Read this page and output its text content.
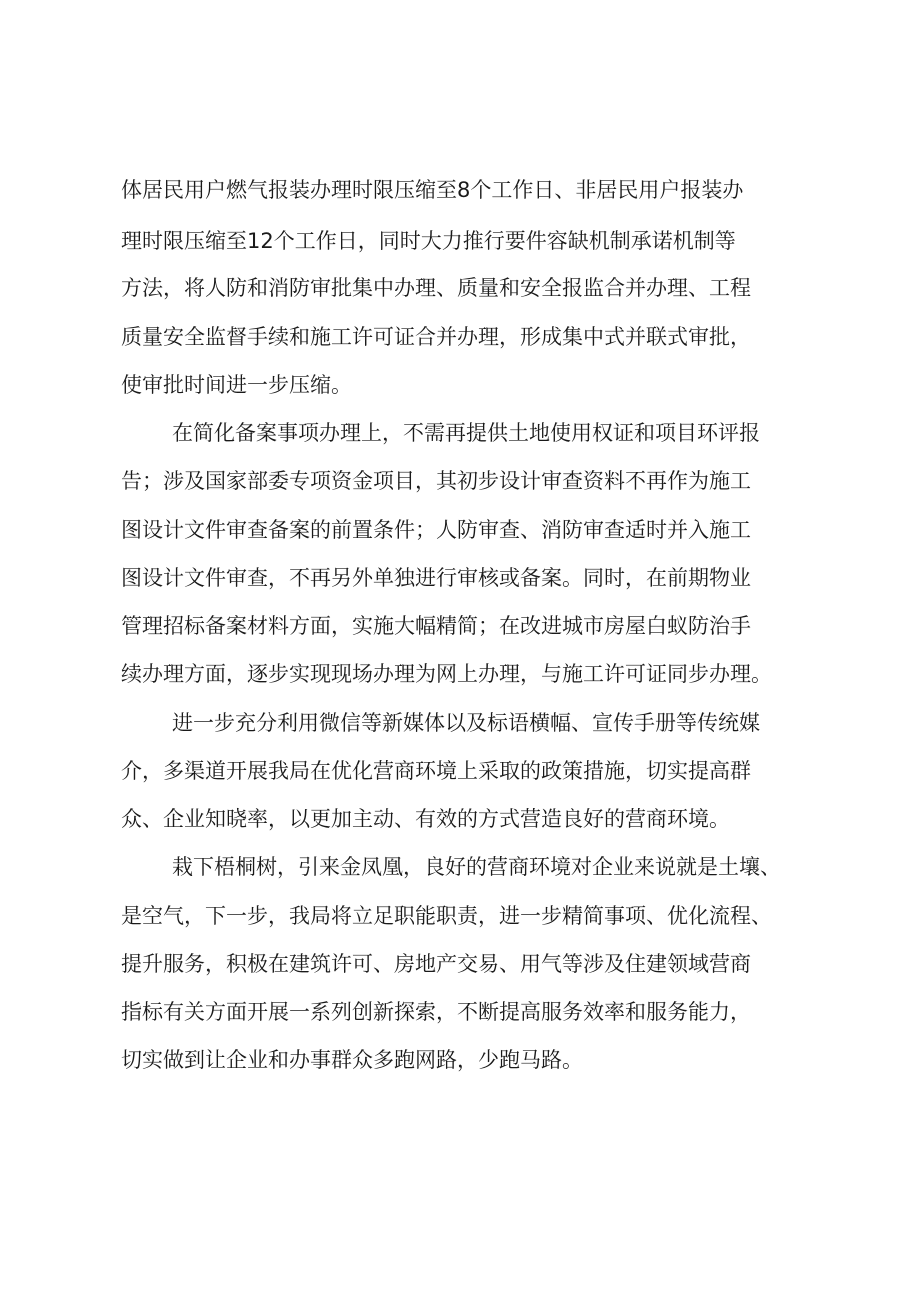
体居民用户燃气报装办理时限压缩至8个工作日、非居民用户报装办
理时限压缩至12个工作日，同时大力推行要件容缺机制承诺机制等
方法，将人防和消防审批集中办理、质量和安全报监合并办理、工程
质量安全监督手续和施工许可证合并办理，形成集中式并联式审批，
使审批时间进一步压缩。
在简化备案事项办理上，不需再提供土地使用权证和项目环评报
告；涉及国家部委专项资金项目，其初步设计审查资料不再作为施工
图设计文件审查备案的前置条件；人防审查、消防审查适时并入施工
图设计文件审查，不再另外单独进行审核或备案。同时，在前期物业
管理招标备案材料方面，实施大幅精简；在改进城市房屋白蚁防治手
续办理方面，逐步实现现场办理为网上办理，与施工许可证同步办理。
进一步充分利用微信等新媒体以及标语横幅、宣传手册等传统媒
介，多渠道开展我局在优化营商环境上采取的政策措施，切实提高群
众、企业知晓率，以更加主动、有效的方式营造良好的营商环境。
栽下梧桐树，引来金凤凰，良好的营商环境对企业来说就是土壤、
是空气，下一步，我局将立足职能职责，进一步精简事项、优化流程、
提升服务，积极在建筑许可、房地产交易、用气等涉及住建领域营商
指标有关方面开展一系列创新探索，不断提高服务效率和服务能力，
切实做到让企业和办事群众多跑网路，少跑马路。
